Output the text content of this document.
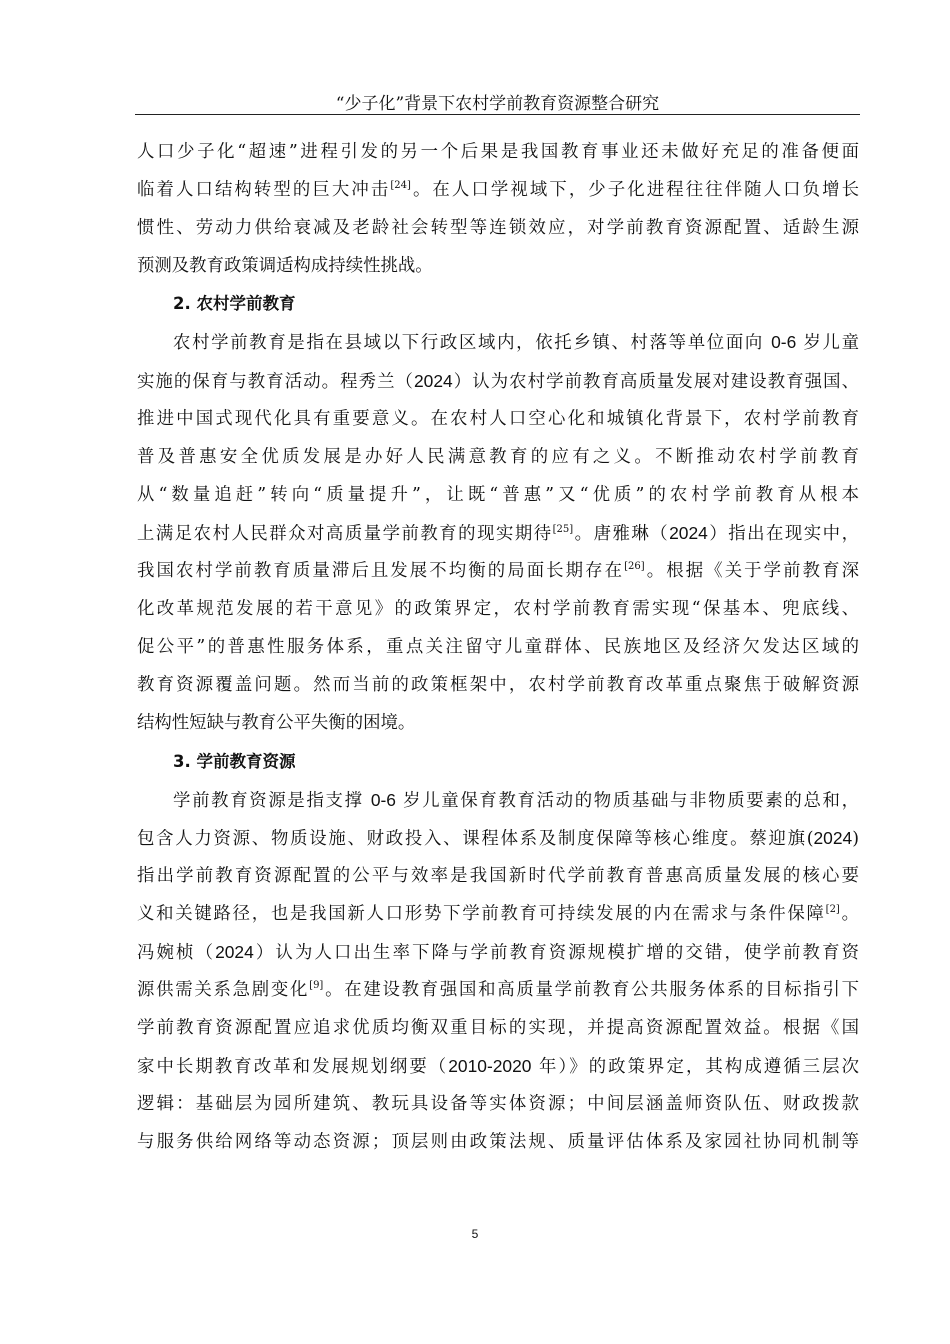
“少子化”背景下农村学前教育资源整合研究
人口少子化“超速”进程引发的另一个后果是我国教育事业还未做好充足的准备便面
临着人口结构转型的巨大冲击[24]。在人口学视域下，少子化进程往往伴随人口负增长
惯性、劳动力供给衰减及老龄社会转型等连锁效应，对学前教育资源配置、适龄生源
预测及教育政策调适构成持续性挑战。
2. 农村学前教育
农村学前教育是指在县域以下行政区域内，依托乡镇、村落等单位面向 0-6 岁儿童
实施的保育与教育活动。程秀兰（2024）认为农村学前教育高质量发展对建设教育强国、
推进中国式现代化具有重要意义。在农村人口空心化和城镇化背景下，农村学前教育
普及普惠安全优质发展是办好人民满意教育的应有之义。不断推动农村学前教育
从“数量追赶”转向“质量提升”，让既“普惠”又“优质”的农村学前教育从根本
上满足农村人民群众对高质量学前教育的现实期待[25]。唐雅琳（2024）指出在现实中，
我国农村学前教育质量滞后且发展不均衡的局面长期存在[26]。根据《关于学前教育深
化改革规范发展的若干意见》的政策界定，农村学前教育需实现“保基本、兜底线、
促公平”的普惠性服务体系，重点关注留守儿童群体、民族地区及经济欠发达区域的
教育资源覆盖问题。然而当前的政策框架中，农村学前教育改革重点聚焦于破解资源
结构性短缺与教育公平失衡的困境。
3. 学前教育资源
学前教育资源是指支撑 0-6 岁儿童保育教育活动的物质基础与非物质要素的总和，
包含人力资源、物质设施、财政投入、课程体系及制度保障等核心维度。蔡迎旗(2024)
指出学前教育资源配置的公平与效率是我国新时代学前教育普惠高质量发展的核心要
义和关键路径，也是我国新人口形势下学前教育可持续发展的内在需求与条件保障[2]。
冯婉桢（2024）认为人口出生率下降与学前教育资源规模扩增的交错，使学前教育资
源供需关系急剧变化[9]。在建设教育强国和高质量学前教育公共服务体系的目标指引下
学前教育资源配置应追求优质均衡双重目标的实现，并提高资源配置效益。根据《国
家中长期教育改革和发展规划纲要（2010-2020 年）》的政策界定，其构成遵循三层次
逻辑：基础层为园所建筑、教玩具设备等实体资源；中间层涵盖师资队伍、财政拨款
与服务供给网络等动态资源；顶层则由政策法规、质量评估体系及家园社协同机制等
5
